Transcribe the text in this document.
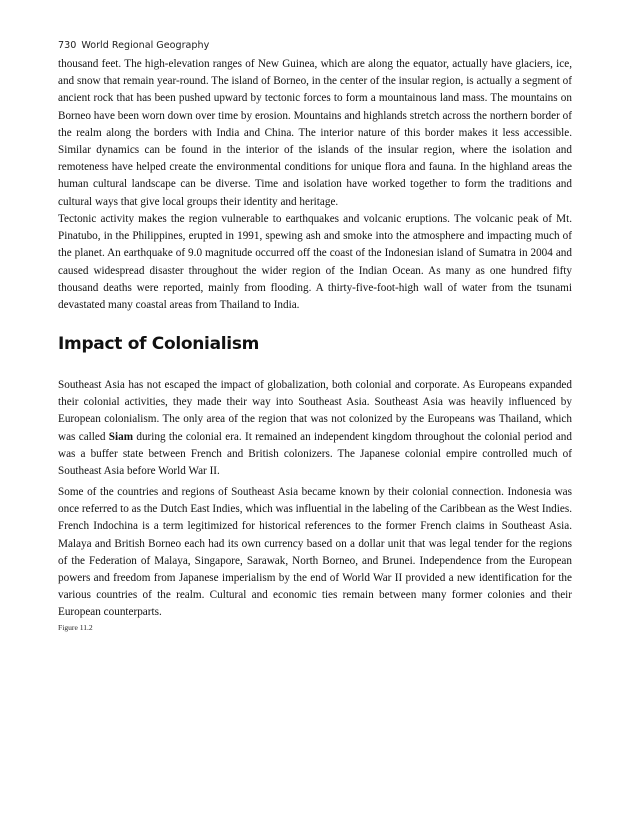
730 World Regional Geography

thousand feet. The high-elevation ranges of New Guinea, which are along the equator, actually have glaciers, ice, and snow that remain year-round. The island of Borneo, in the center of the insular region, is actually a segment of ancient rock that has been pushed upward by tectonic forces to form a mountainous land mass. The mountains on Borneo have been worn down over time by erosion. Mountains and highlands stretch across the northern border of the realm along the borders with India and China. The interior nature of this border makes it less accessible. Similar dynamics can be found in the interior of the islands of the insular region, where the isolation and remoteness have helped create the environmental conditions for unique flora and fauna. In the highland areas the human cultural landscape can be diverse. Time and isolation have worked together to form the traditions and cultural ways that give local groups their identity and heritage.

Tectonic activity makes the region vulnerable to earthquakes and volcanic eruptions. The volcanic peak of Mt. Pinatubo, in the Philippines, erupted in 1991, spewing ash and smoke into the atmosphere and impacting much of the planet. An earthquake of 9.0 magnitude occurred off the coast of the Indonesian island of Sumatra in 2004 and caused widespread disaster throughout the wider region of the Indian Ocean. As many as one hundred fifty thousand deaths were reported, mainly from flooding. A thirty-five-foot-high wall of water from the tsunami devastated many coastal areas from Thailand to India.

Impact of Colonialism

Southeast Asia has not escaped the impact of globalization, both colonial and corporate. As Europeans expanded their colonial activities, they made their way into Southeast Asia. Southeast Asia was heavily influenced by European colonialism. The only area of the region that was not colonized by the Europeans was Thailand, which was called Siam during the colonial era. It remained an independent kingdom throughout the colonial period and was a buffer state between French and British colonizers. The Japanese colonial empire controlled much of Southeast Asia before World War II.

Some of the countries and regions of Southeast Asia became known by their colonial connection. Indonesia was once referred to as the Dutch East Indies, which was influential in the labeling of the Caribbean as the West Indies. French Indochina is a term legitimized for historical references to the former French claims in Southeast Asia. Malaya and British Borneo each had its own currency based on a dollar unit that was legal tender for the regions of the Federation of Malaya, Singapore, Sarawak, North Borneo, and Brunei. Independence from the European powers and freedom from Japanese imperialism by the end of World War II provided a new identification for the various countries of the realm. Cultural and economic ties remain between many former colonies and their European counterparts.

Figure 11.2
